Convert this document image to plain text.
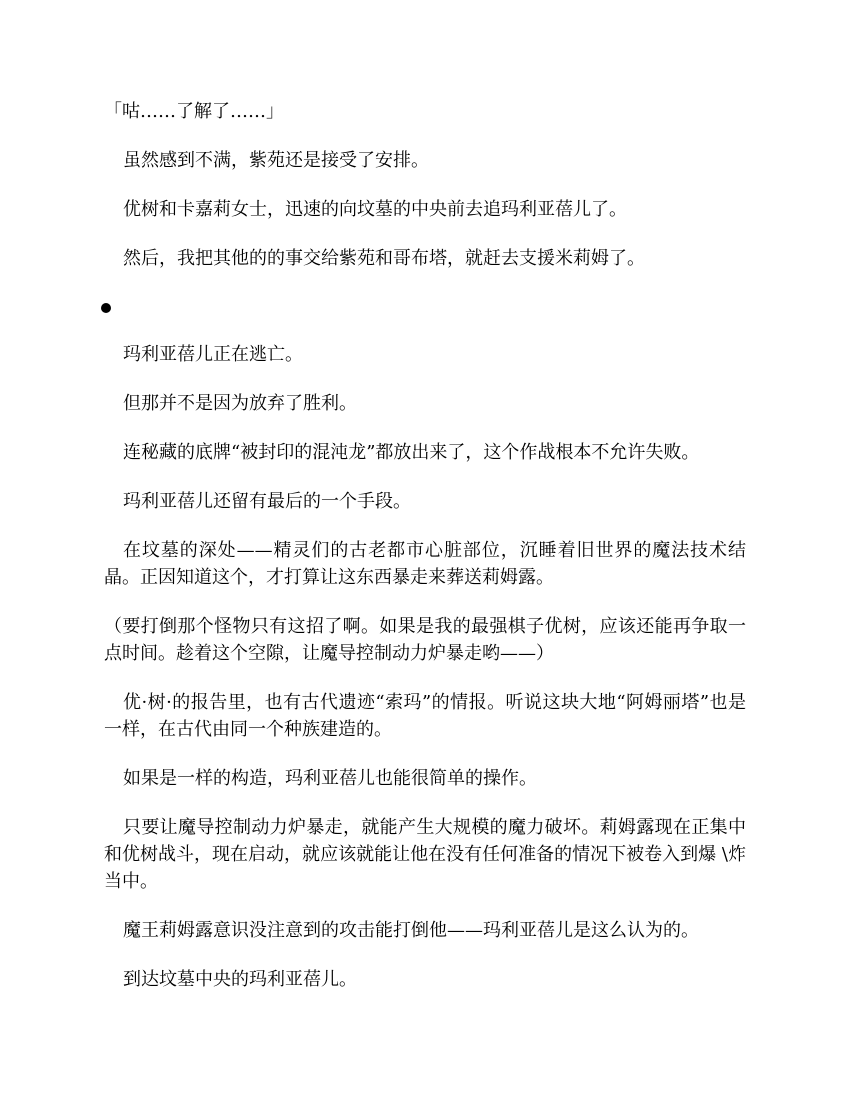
「咕……了解了……」

虽然感到不满，紫苑还是接受了安排。

优树和卡嘉莉女士，迅速的向坟墓的中央前去追玛利亚蓓儿了。

然后，我把其他的的事交给紫苑和哥布塔，就赶去支援米莉姆了。

玛利亚蓓儿正在逃亡。

但那并不是因为放弃了胜利。

连秘藏的底牌“被封印的混沌龙”都放出来了，这个作战根本不允许失败。

玛利亚蓓儿还留有最后的一个手段。

在坟墓的深处——精灵们的古老都市心脏部位，沉睡着旧世界的魔法技术结晶。正因知道这个，才打算让这东西暴走来葬送莉姆露。

（要打倒那个怪物只有这招了啊。如果是我的最强棋子优树，应该还能再争取一点时间。趁着这个空隙，让魔导控制动力炉暴走哟——）

优·树·的报告里，也有古代遗迹“索玛”的情报。听说这块大地“阿姆丽塔”也是一样，在古代由同一个种族建造的。

如果是一样的构造，玛利亚蓓儿也能很简单的操作。

只要让魔导控制动力炉暴走，就能产生大规模的魔力破坏。莉姆露现在正集中和优树战斗，现在启动，就应该就能让他在没有任何准备的情况下被卷入到爆 \炸当中。

魔王莉姆露意识没注意到的攻击能打倒他——玛利亚蓓儿是这么认为的。

到达坟墓中央的玛利亚蓓儿。
